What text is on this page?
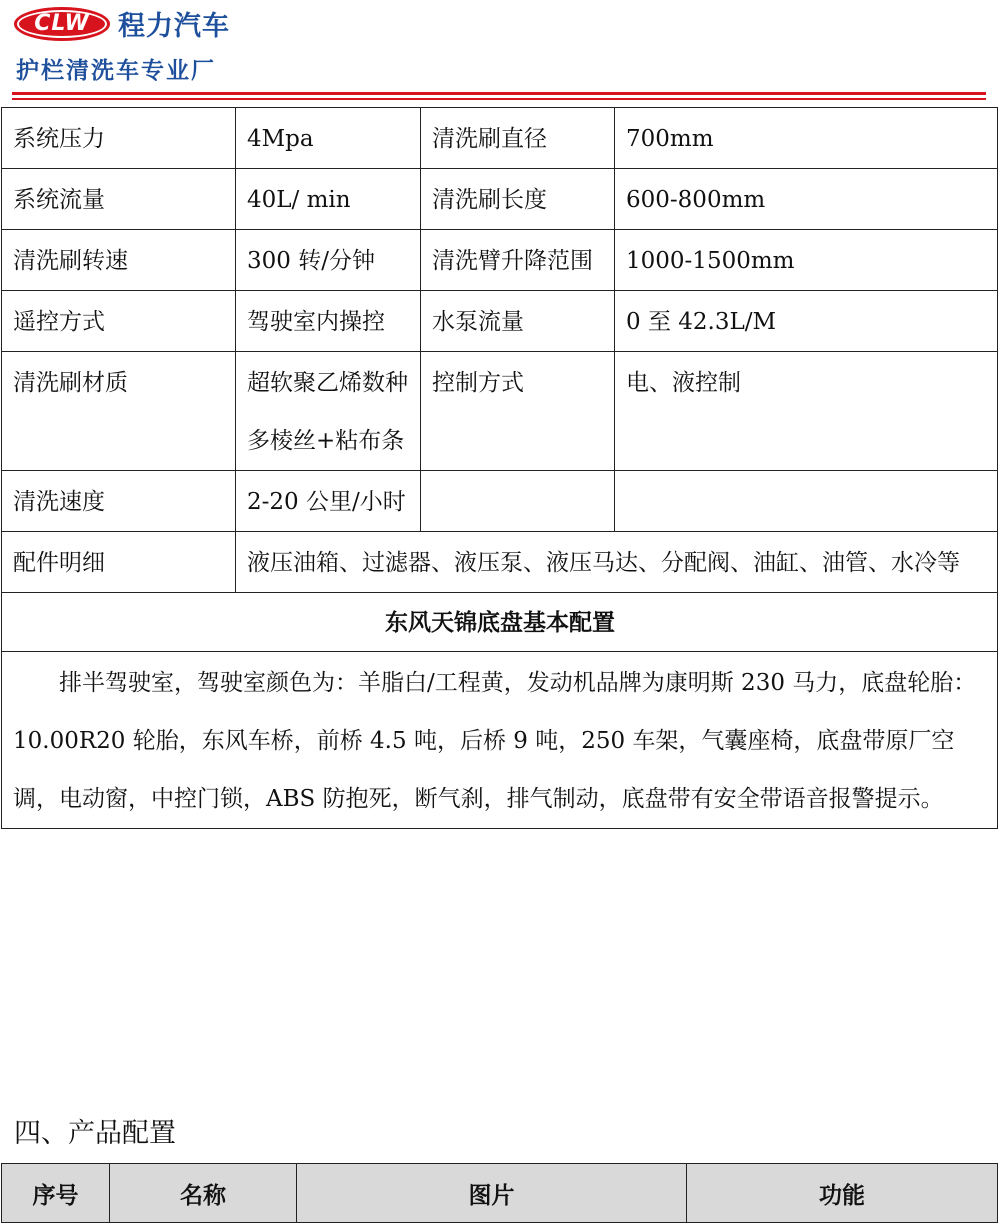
CLW 程力汽车
护栏清洗车专业厂
系统压力	4Mpa	清洗刷直径	700mm
系统流量	40L/ min	清洗刷长度	600-800mm
清洗刷转速	300 转/分钟	清洗臂升降范围	1000-1500mm
遥控方式	驾驶室内操控	水泵流量	0 至 42.3L/M
清洗刷材质	超软聚乙烯数种多棱丝+粘布条	控制方式	电、液控制
清洗速度	2-20 公里/小时		
配件明细	液压油箱、过滤器、液压泵、液压马达、分配阀、油缸、油管、水冷等		
东风天锦底盘基本配置			
排半驾驶室，驾驶室颜色为：羊脂白/工程黄，发动机品牌为康明斯 230 马力，底盘轮胎：10.00R20 轮胎，东风车桥，前桥 4.5 吨，后桥 9 吨，250 车架，气囊座椅，底盘带原厂空调，电动窗，中控门锁，ABS 防抱死，断气刹，排气制动，底盘带有安全带语音报警提示。			
四、产品配置
序号	名称	图片	功能
